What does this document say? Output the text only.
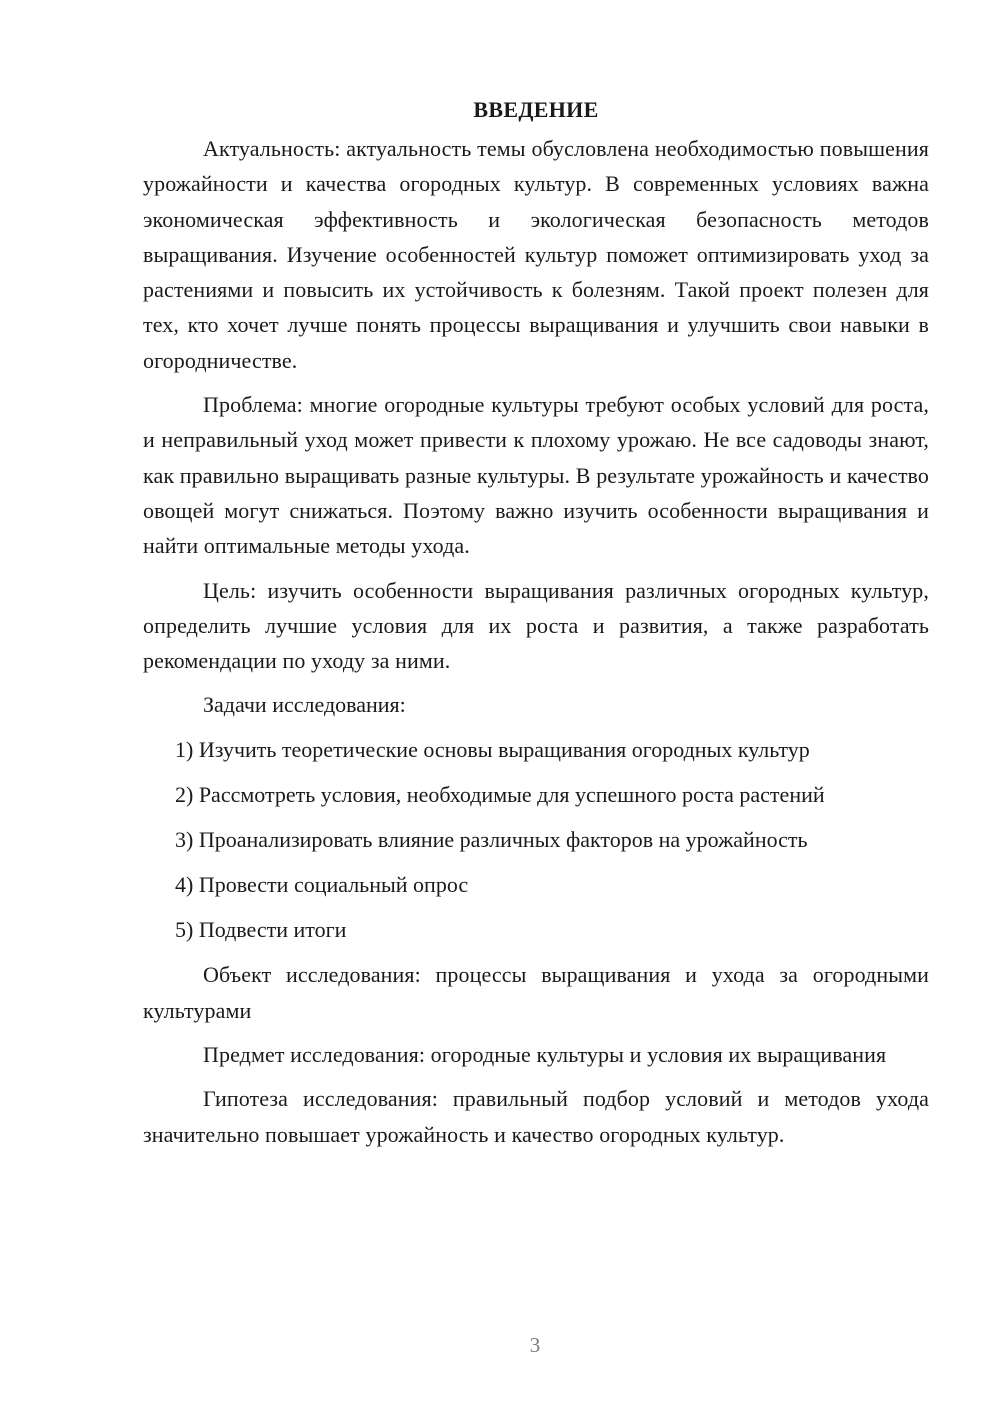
ВВЕДЕНИЕ

Актуальность: актуальность темы обусловлена необходимостью повышения урожайности и качества огородных культур. В современных условиях важна экономическая эффективность и экологическая безопасность методов выращивания. Изучение особенностей культур поможет оптимизировать уход за растениями и повысить их устойчивость к болезням. Такой проект полезен для тех, кто хочет лучше понять процессы выращивания и улучшить свои навыки в огородничестве.

Проблема: многие огородные культуры требуют особых условий для роста, и неправильный уход может привести к плохому урожаю. Не все садоводы знают, как правильно выращивать разные культуры. В результате урожайность и качество овощей могут снижаться. Поэтому важно изучить особенности выращивания и найти оптимальные методы ухода.

Цель: изучить особенности выращивания различных огородных культур, определить лучшие условия для их роста и развития, а также разработать рекомендации по уходу за ними.

Задачи исследования:

1) Изучить теоретические основы выращивания огородных культур
2) Рассмотреть условия, необходимые для успешного роста растений
3) Проанализировать влияние различных факторов на урожайность
4) Провести социальный опрос
5) Подвести итоги

Объект исследования: процессы выращивания и ухода за огородными культурами

Предмет исследования: огородные культуры и условия их выращивания

Гипотеза исследования: правильный подбор условий и методов ухода значительно повышает урожайность и качество огородных культур.

3
